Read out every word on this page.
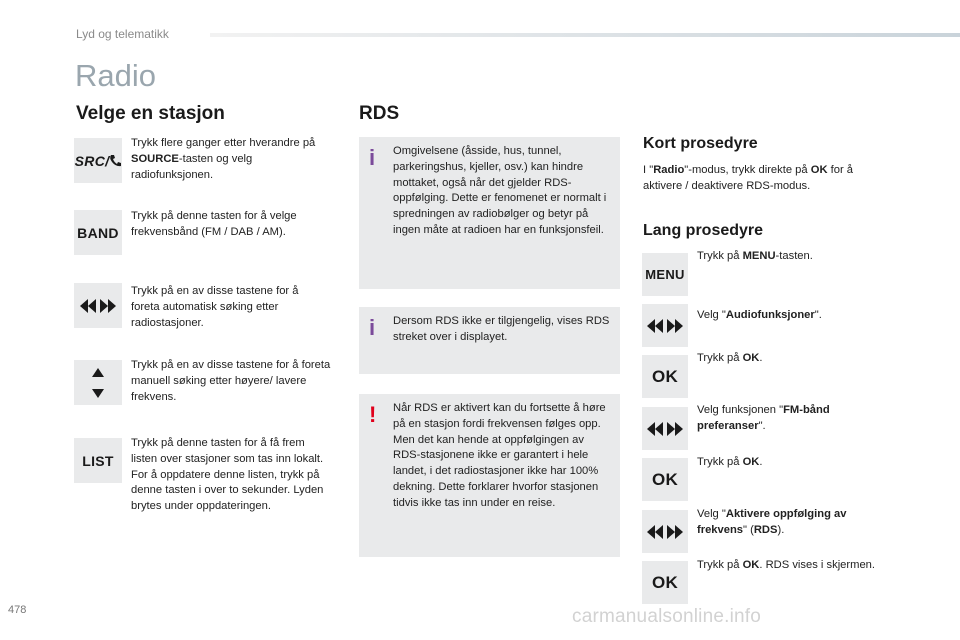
Lyd og telematikk
Radio
Velge en stasjon
SRC/
Trykk flere ganger etter hverandre på SOURCE-tasten og velg radiofunksjonen.
BAND
Trykk på denne tasten for å velge frekvensbånd (FM / DAB / AM).
Trykk på en av disse tastene for å foreta automatisk søking etter radiostasjoner.
Trykk på en av disse tastene for å foreta manuell søking etter høyere/ lavere frekvens.
LIST
Trykk på denne tasten for å få frem listen over stasjoner som tas inn lokalt.
For å oppdatere denne listen, trykk på denne tasten i over to sekunder. Lyden brytes under oppdateringen.
RDS
i Omgivelsene (åsside, hus, tunnel, parkeringshus, kjeller, osv.) kan hindre mottaket, også når det gjelder RDS-oppfølging. Dette er fenomenet er normalt i spredningen av radiobølger og betyr på ingen måte at radioen har en funksjonsfeil.
i Dersom RDS ikke er tilgjengelig, vises RDS streket over i displayet.
! Når RDS er aktivert kan du fortsette å høre på en stasjon fordi frekvensen følges opp. Men det kan hende at oppfølgingen av RDS-stasjonene ikke er garantert i hele landet, i det radiostasjoner ikke har 100% dekning. Dette forklarer hvorfor stasjonen tidvis ikke tas inn under en reise.
Kort prosedyre
I "Radio"-modus, trykk direkte på OK for å aktivere / deaktivere RDS-modus.
Lang prosedyre
MENU
Trykk på MENU-tasten.
Velg "Audiofunksjoner".
OK
Trykk på OK.
Velg funksjonen "FM-bånd preferanser".
OK
Trykk på OK.
Velg "Aktivere oppfølging av frekvens" (RDS).
OK
Trykk på OK. RDS vises i skjermen.
478	carmanualsonline.info
